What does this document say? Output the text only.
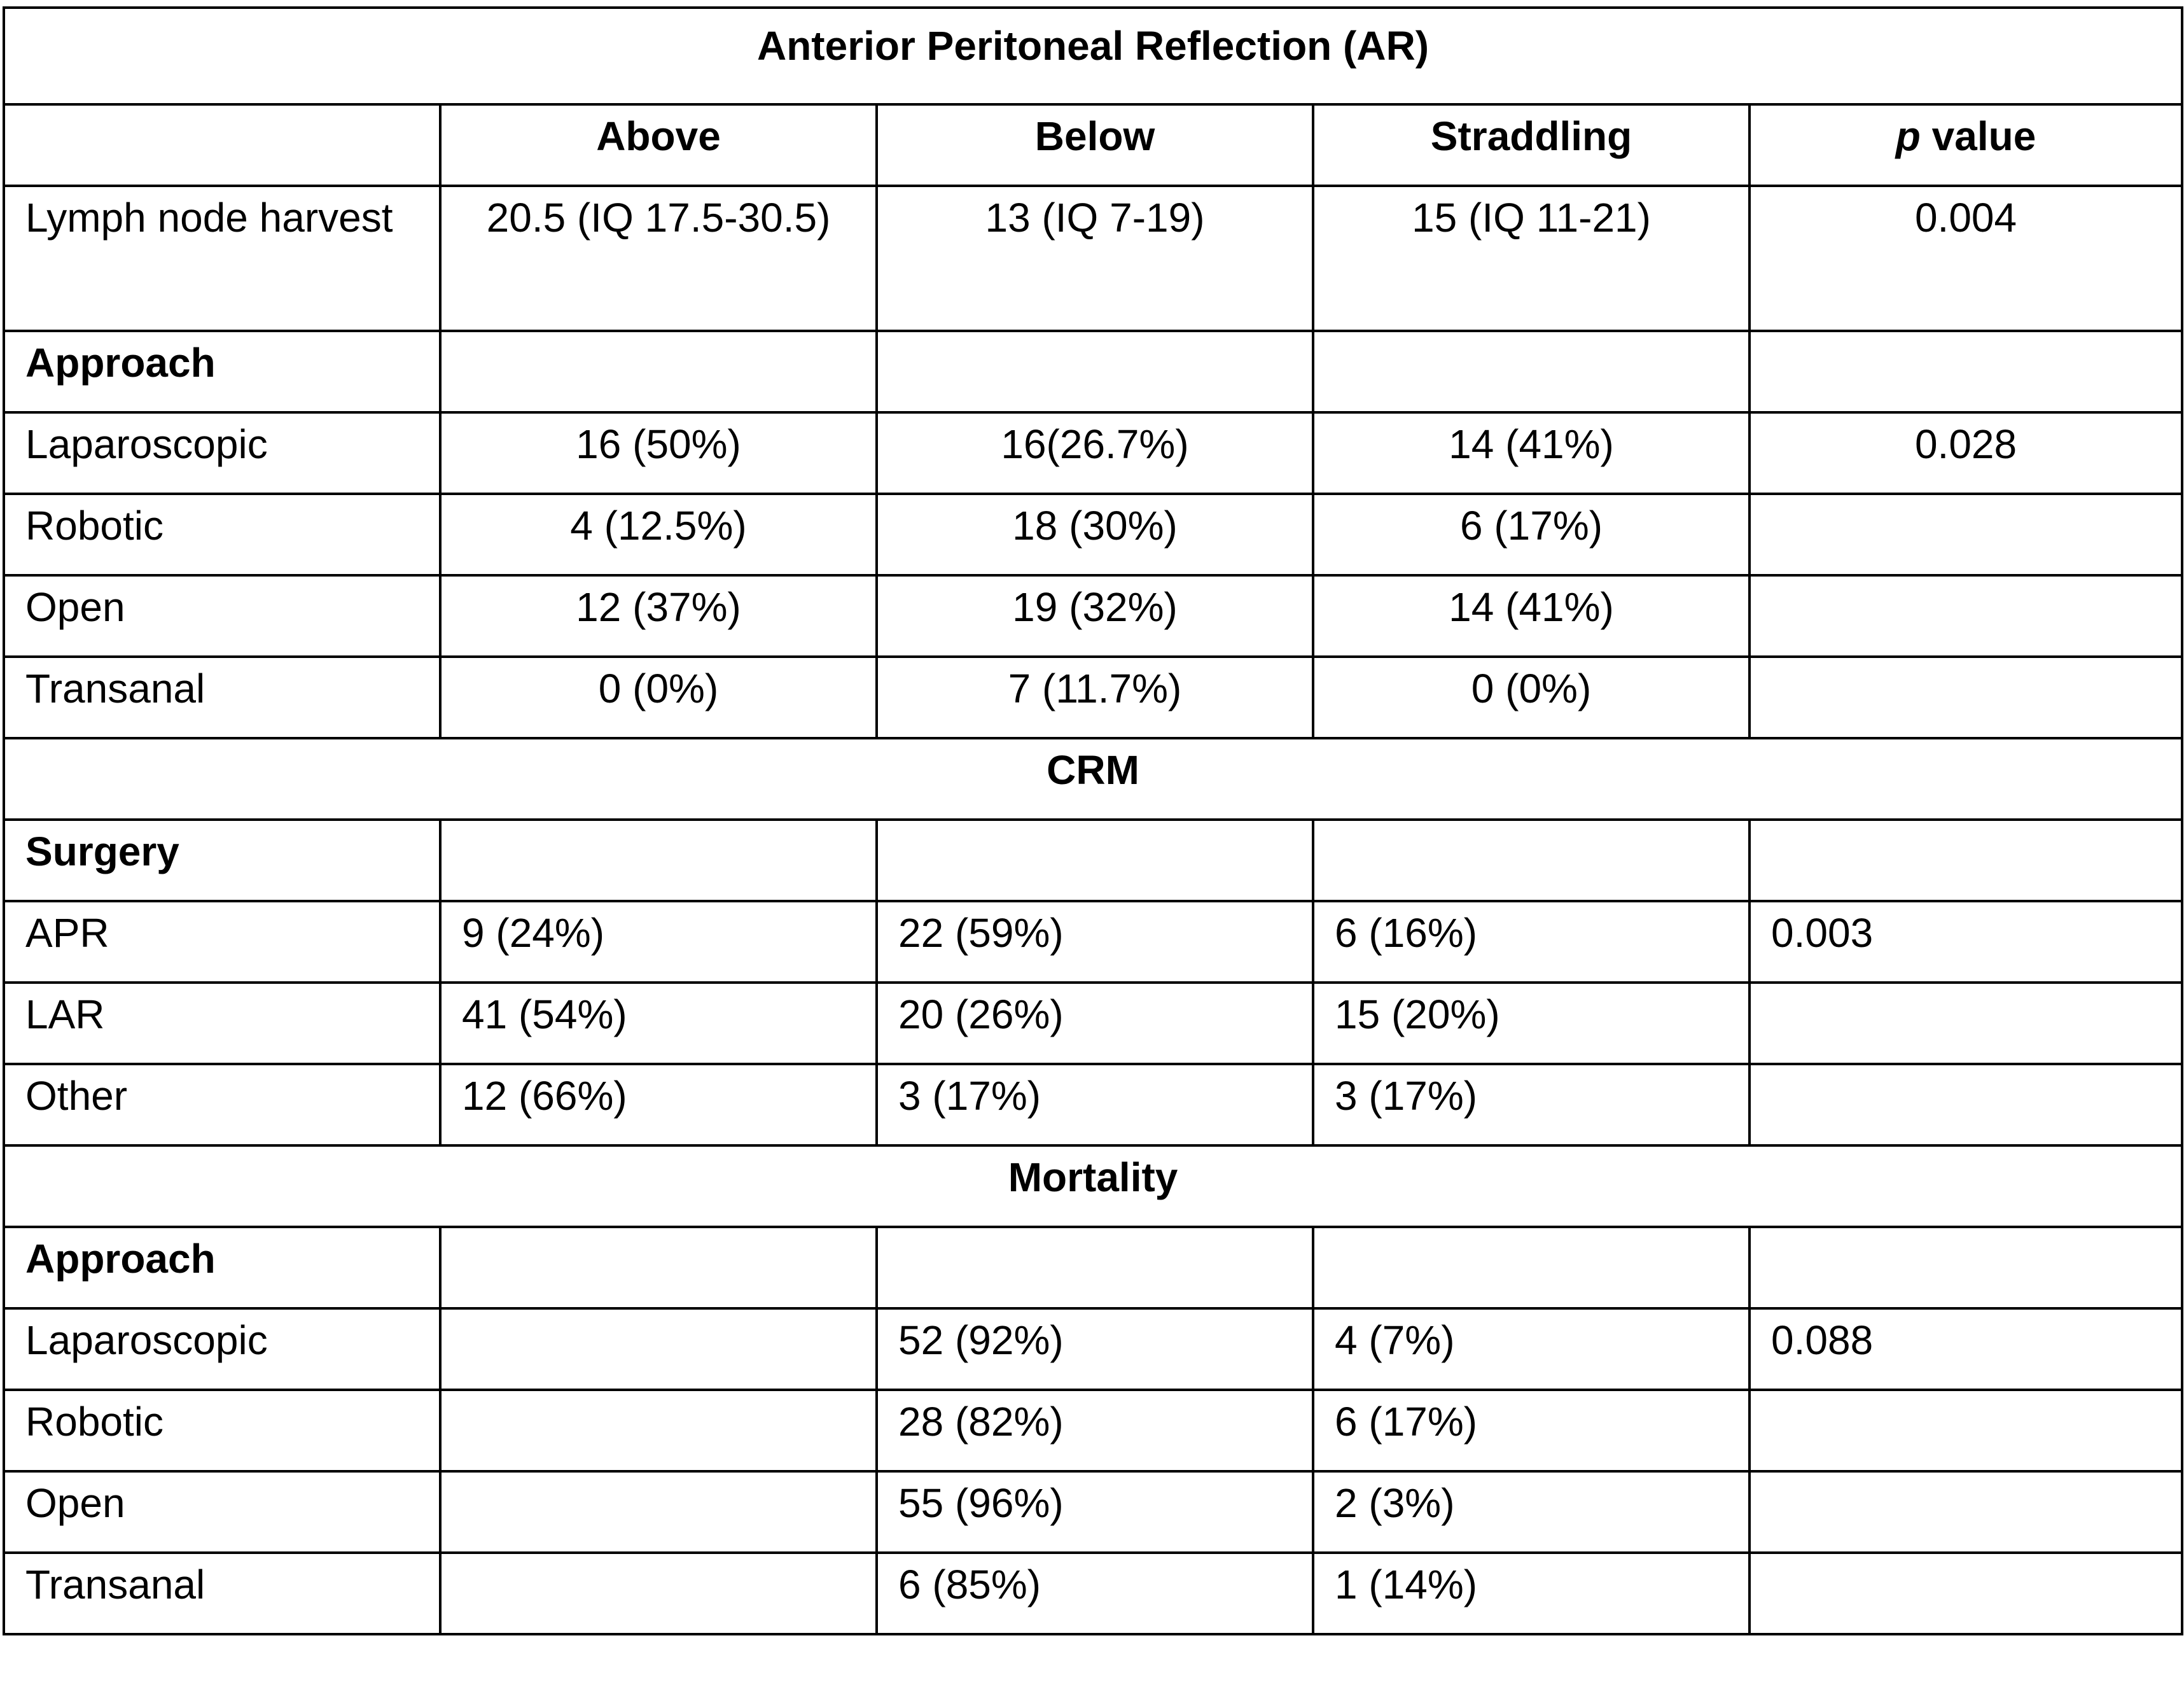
Anterior Peritoneal Reflection (AR)				
	Above	Below	Straddling	p value
Lymph node harvest	20.5 (IQ 17.5-30.5)	13 (IQ 7-19)	15 (IQ 11-21)	0.004
Approach				
Laparoscopic	16 (50%)	16(26.7%)	14 (41%)	0.028
Robotic	4 (12.5%)	18 (30%)	6 (17%)	
Open	12 (37%)	19 (32%)	14 (41%)	
Transanal	0 (0%)	7 (11.7%)	0 (0%)	
CRM				
Surgery				
APR	9 (24%)	22 (59%)	6 (16%)	0.003
LAR	41 (54%)	20 (26%)	15 (20%)	
Other	12 (66%)	3 (17%)	3 (17%)	
Mortality				
Approach				
Laparoscopic		52 (92%)	4 (7%)	0.088
Robotic		28 (82%)	6 (17%)	
Open		55 (96%)	2 (3%)	
Transanal		6 (85%)	1 (14%)	
